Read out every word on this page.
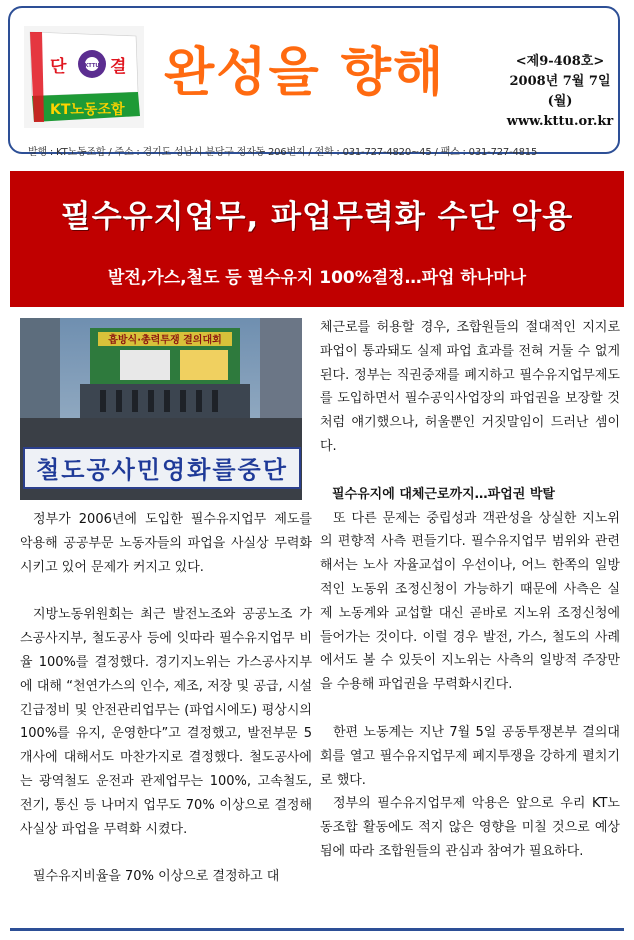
단	결
KTTU
KT노동조합
완성을 향해	<제9-408호>
2008년 7월 7일(월)
www.kttu.or.kr
발행 : KT노동조합 / 주소 : 경기도 성남시 분당구 정자동 206번지 / 전화 : 031-727-4820~45 / 팩스 : 031-727-4815
필수유지업무, 파업무력화 수단 악용
발전,가스,철도 등 필수유지 100%결정…파업 하나마나
흡방식·총력투쟁 결의대회
철도공사민영화를중단

정부가 2006년에 도입한 필수유지업무 제도를 악용해 공공부문 노동자들의 파업을 사실상 무력화시키고 있어 문제가 커지고 있다.

지방노동위원회는 최근 발전노조와 공공노조 가스공사지부, 철도공사 등에 잇따라 필수유지업무 비율 100%를 결정했다. 경기지노위는 가스공사지부에 대해 “천연가스의 인수, 제조, 저장 및 공급, 시설 긴급정비 및 안전관리업무는 (파업시에도) 평상시의 100%를 유지, 운영한다”고 결정했고, 발전부문 5개사에 대해서도 마찬가지로 결정했다. 철도공사에는 광역철도 운전과 관제업무는 100%, 고속철도, 전기, 통신 등 나머지 업무도 70% 이상으로 결정해 사실상 파업을 무력화 시켰다.

필수유지비율을 70% 이상으로 결정하고 대

체근로를 허용할 경우, 조합원들의 절대적인 지지로 파업이 통과돼도 실제 파업 효과를 전혀 거둘 수 없게 된다. 정부는 직권중재를 폐지하고 필수유지업무제도를 도입하면서 필수공익사업장의 파업권을 보장할 것처럼 얘기했으나, 허울뿐인 거짓말임이 드러난 셈이다.

필수유지에 대체근로까지…파업권 박탈

또 다른 문제는 중립성과 객관성을 상실한 지노위의 편향적 사측 편들기다. 필수유지업무 범위와 관련해서는 노사 자율교섭이 우선이나, 어느 한쪽의 일방적인 노동위 조정신청이 가능하기 때문에 사측은 실제 노동계와 교섭할 대신 곧바로 지노위 조정신청에 들어가는 것이다. 이럴 경우 발전, 가스, 철도의 사례에서도 볼 수 있듯이 지노위는 사측의 일방적 주장만을 수용해 파업권을 무력화시킨다.

한편 노동계는 지난 7월 5일 공동투쟁본부 결의대회를 열고 필수유지업무제 폐지투쟁을 강하게 펼치기로 했다.

정부의 필수유지업무제 악용은 앞으로 우리 KT노동조합 활동에도 적지 않은 영향을 미칠 것으로 예상됨에 따라 조합원들의 관심과 참여가 필요하다.
